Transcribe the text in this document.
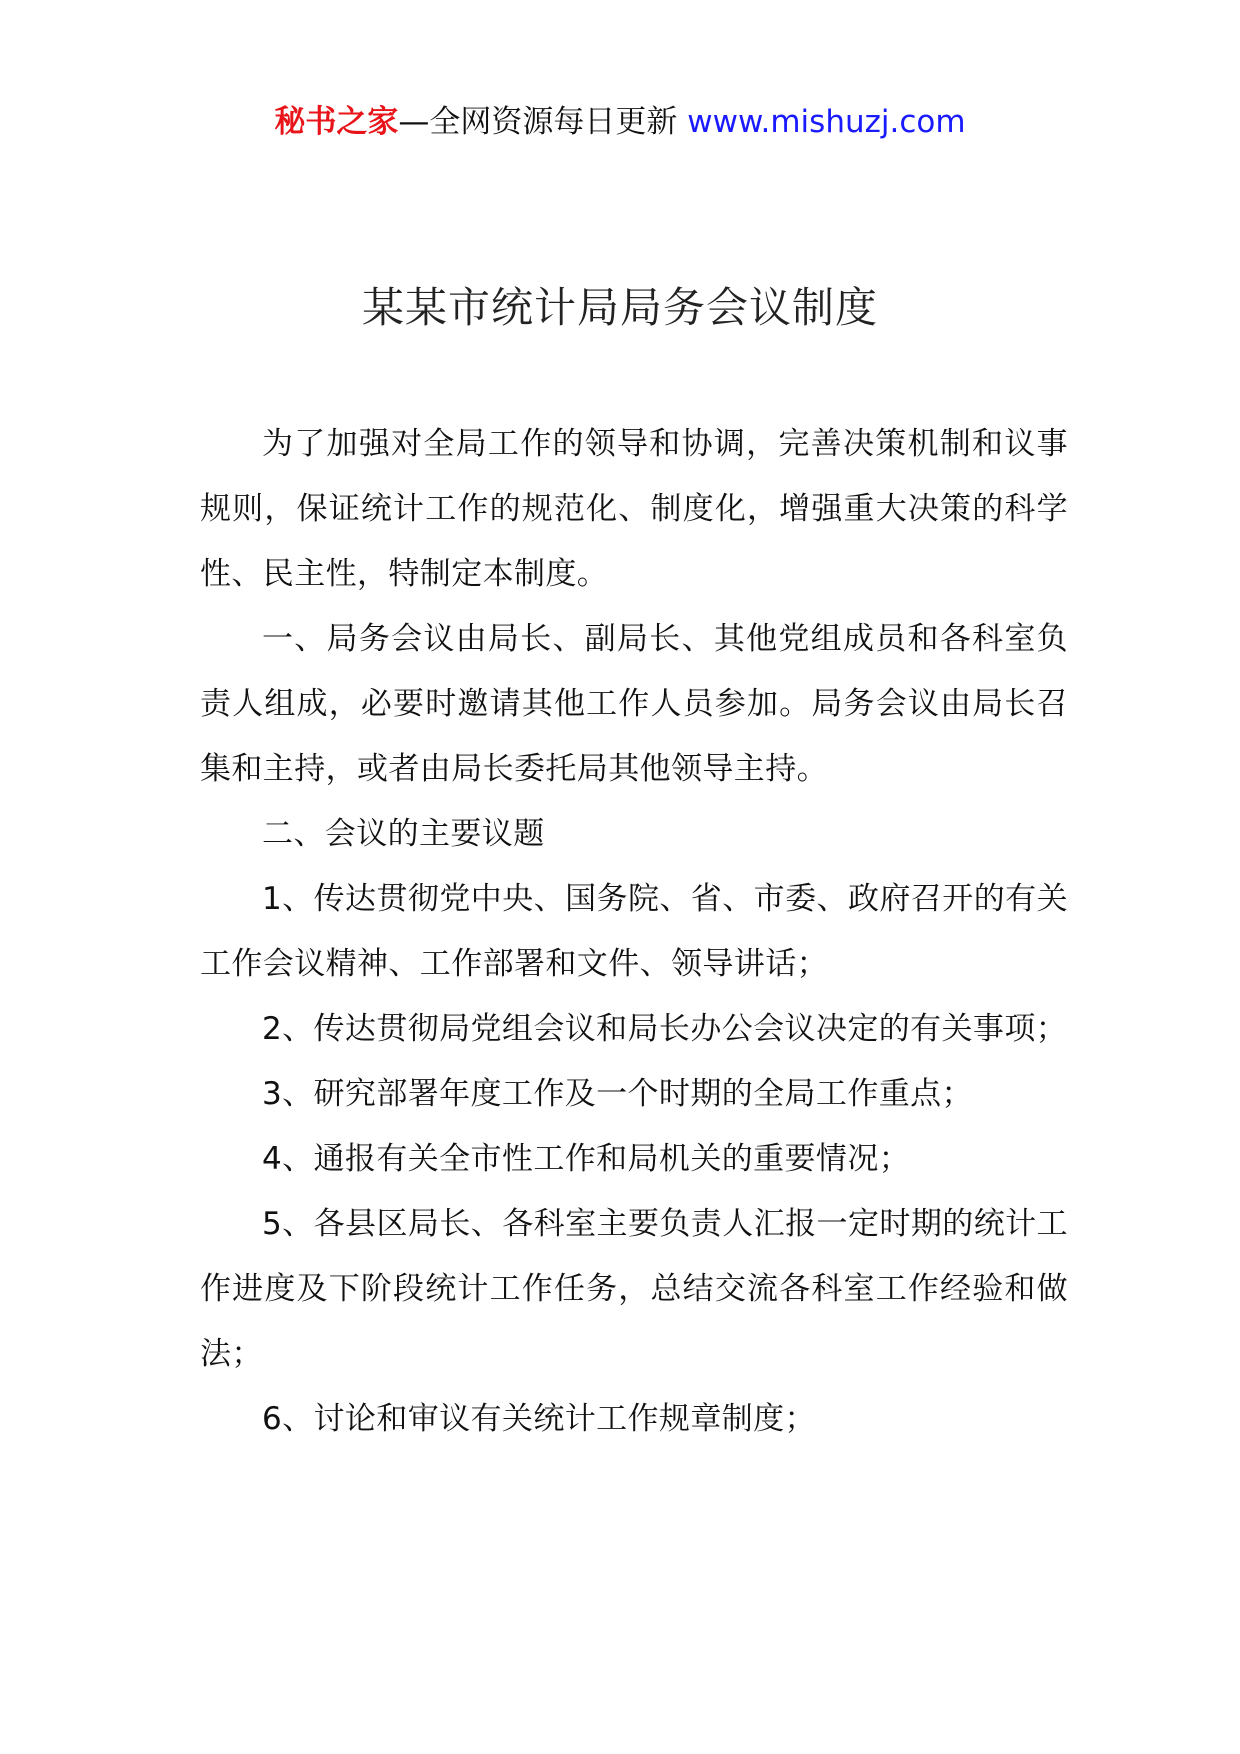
秘书之家—全网资源每日更新 www.mishuzj.com
某某市统计局局务会议制度

为了加强对全局工作的领导和协调，完善决策机制和议事规则，保证统计工作的规范化、制度化，增强重大决策的科学性、民主性，特制定本制度。

一、局务会议由局长、副局长、其他党组成员和各科室负责人组成，必要时邀请其他工作人员参加。局务会议由局长召集和主持，或者由局长委托局其他领导主持。

二、会议的主要议题

1、传达贯彻党中央、国务院、省、市委、政府召开的有关工作会议精神、工作部署和文件、领导讲话；

2、传达贯彻局党组会议和局长办公会议决定的有关事项；

3、研究部署年度工作及一个时期的全局工作重点；

4、通报有关全市性工作和局机关的重要情况；

5、各县区局长、各科室主要负责人汇报一定时期的统计工作进度及下阶段统计工作任务，总结交流各科室工作经验和做法；

6、讨论和审议有关统计工作规章制度；
